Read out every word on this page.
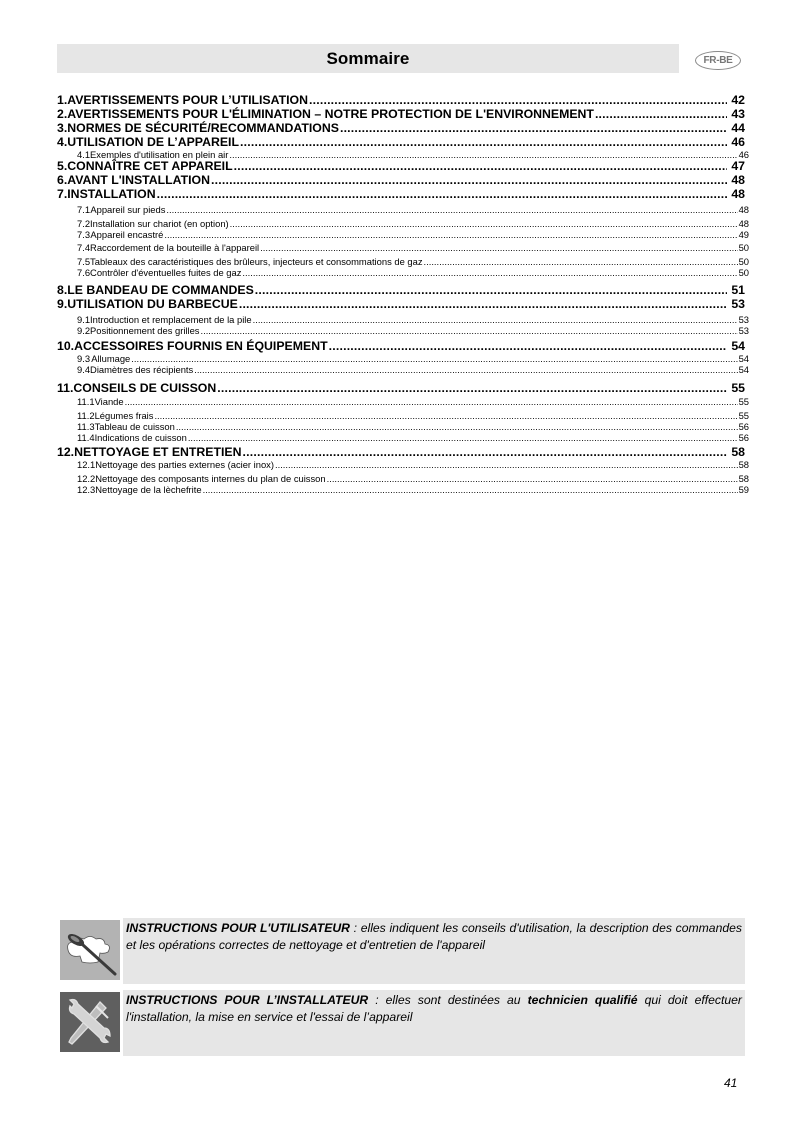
Sommaire	FR-BE
1. AVERTISSEMENTS POUR L’UTILISATION .....	42
2. AVERTISSEMENTS POUR L'ÉLIMINATION – NOTRE PROTECTION DE L'ENVIRONNEMENT .....	43
3. NORMES DE SÉCURITÉ/RECOMMANDATIONS .....	44
4. UTILISATION DE L’APPAREIL .....	46
4.1 Exemples d'utilisation en plein air .....	46
5. CONNAÎTRE CET APPAREIL .....	47
6. AVANT L'INSTALLATION .....	48
7. INSTALLATION .....	48
7.1 Appareil sur pieds .....	48
7.2 Installation sur chariot (en option) .....	48
7.3 Appareil encastré .....	49
7.4 Raccordement de la bouteille à l'appareil .....	50
7.5 Tableaux des caractéristiques des brûleurs, injecteurs et consommations de gaz .....	50
7.6 Contrôler d'éventuelles fuites de gaz .....	50
8. LE BANDEAU DE COMMANDES .....	51
9. UTILISATION DU BARBECUE .....	53
9.1 Introduction et remplacement de la pile .....	53
9.2 Positionnement des grilles .....	53
10. ACCESSOIRES FOURNIS EN ÉQUIPEMENT .....	54
9.3 Allumage .....	54
9.4 Diamètres des récipients .....	54
11. CONSEILS DE CUISSON .....	55
11.1 Viande .....	55
11.2 Légumes frais .....	55
11.3 Tableau de cuisson .....	56
11.4 Indications de cuisson .....	56
12. NETTOYAGE ET ENTRETIEN .....	58
12.1 Nettoyage des parties externes (acier inox) .....	58
12.2 Nettoyage des composants internes du plan de cuisson .....	58
12.3 Nettoyage de la lèchefrite .....	59

INSTRUCTIONS POUR L'UTILISATEUR : elles indiquent les conseils d'utilisation, la description des commandes et les opérations correctes de nettoyage et d'entretien de l'appareil

INSTRUCTIONS POUR L’INSTALLATEUR : elles sont destinées au technicien qualifié qui doit effectuer l'installation, la mise en service et l'essai de l’appareil

41
